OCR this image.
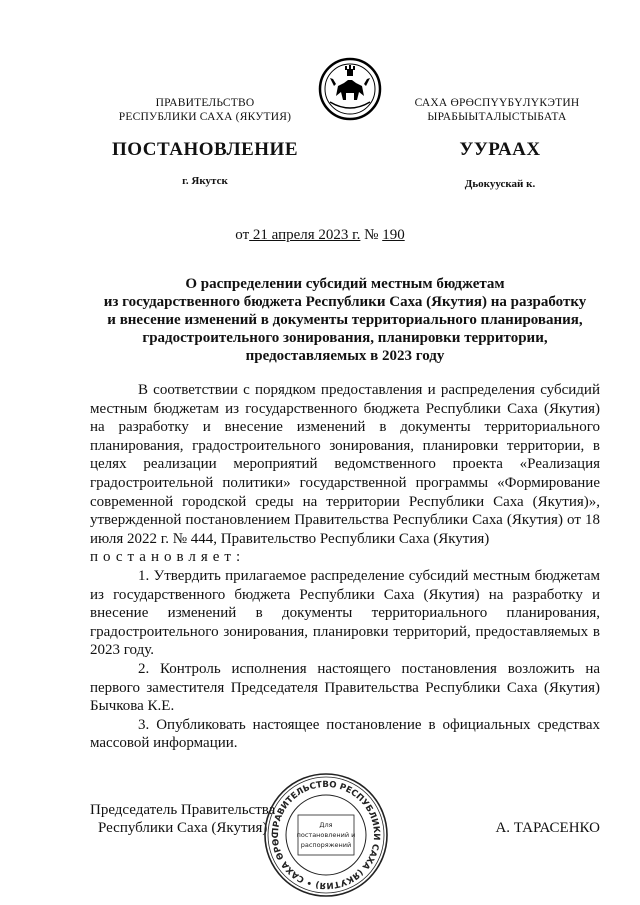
ПРАВИТЕЛЬСТВО
РЕСПУБЛИКИ САХА (ЯКУТИЯ)
САХА ӨРӨСПҮҮБҮЛҮКЭТИН
ЫРАБЫЫТАЛЫСТЫБАТА
ПОСТАНОВЛЕНИЕ	УУРААХ
г. Якутск	Дьокуускай к.
от 21 апреля 2023 г. № 190
О распределении субсидий местным бюджетам
из государственного бюджета Республики Саха (Якутия) на разработку
и внесение изменений в документы территориального планирования,
градостроительного зонирования, планировки территории,
предоставляемых в 2023 году

В соответствии с порядком предоставления и распределения субсидий местным бюджетам из государственного бюджета Республики Саха (Якутия) на разработку и внесение изменений в документы территориального планирования, градостроительного зонирования, планировки территории, в целях реализации мероприятий ведомственного проекта «Реализация градостроительной политики» государственной программы «Формирование современной городской среды на территории Республики Саха (Якутия)», утвержденной постановлением Правительства Республики Саха (Якутия) от 18 июля 2022 г. № 444, Правительство Республики Саха (Якутия)

постановляет:

1. Утвердить прилагаемое распределение субсидий местным бюджетам из государственного бюджета Республики Саха (Якутия) на разработку и внесение изменений в документы территориального планирования, градостроительного зонирования, планировки территорий, предоставляемых в 2023 году.

2. Контроль исполнения настоящего постановления возложить на первого заместителя Председателя Правительства Республики Саха (Якутия) Бычкова К.Е.

3. Опубликовать настоящее постановление в официальных средствах массовой информации.

Председатель Правительства
Республики Саха (Якутия)	А. ТАРАСЕНКО
ПРАВИТЕЛЬСТВО РЕСПУБЛИКИ САХА (ЯКУТИЯ) • САХА ӨРӨС
Для
постановлений и
распоряжений
